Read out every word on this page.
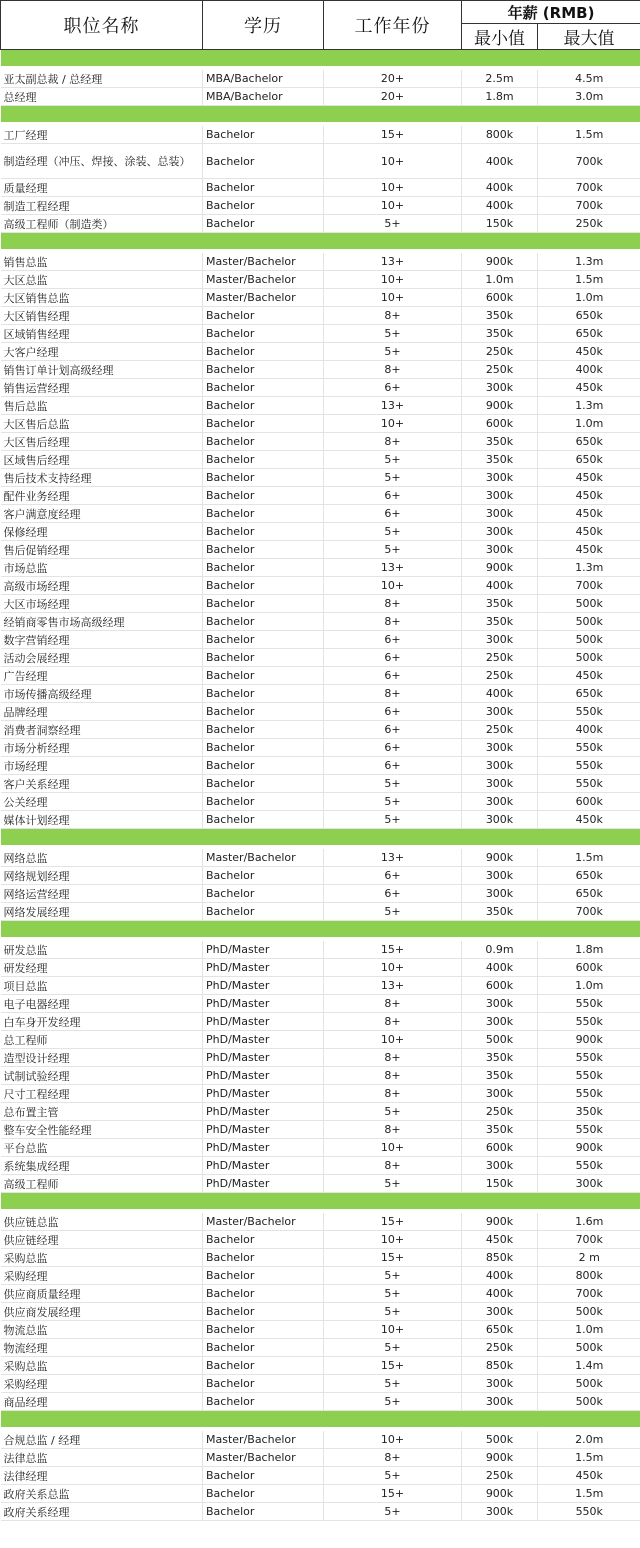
职位名称	学历	工作年份	年薪 (RMB)	
			最小值	最大值

亚太副总裁 / 总经理	MBA/Bachelor	20+	2.5m	4.5m
总经理	MBA/Bachelor	20+	1.8m	3.0m

工厂经理	Bachelor	15+	800k	1.5m
制造经理（冲压、焊接、涂装、总装）	Bachelor	10+	400k	700k
质量经理	Bachelor	10+	400k	700k
制造工程经理	Bachelor	10+	400k	700k
高级工程师（制造类）	Bachelor	5+	150k	250k

销售总监	Master/Bachelor	13+	900k	1.3m
大区总监	Master/Bachelor	10+	1.0m	1.5m
大区销售总监	Master/Bachelor	10+	600k	1.0m
大区销售经理	Bachelor	8+	350k	650k
区域销售经理	Bachelor	5+	350k	650k
大客户经理	Bachelor	5+	250k	450k
销售订单计划高级经理	Bachelor	8+	250k	400k
销售运营经理	Bachelor	6+	300k	450k
售后总监	Bachelor	13+	900k	1.3m
大区售后总监	Bachelor	10+	600k	1.0m
大区售后经理	Bachelor	8+	350k	650k
区域售后经理	Bachelor	5+	350k	650k
售后技术支持经理	Bachelor	5+	300k	450k
配件业务经理	Bachelor	6+	300k	450k
客户满意度经理	Bachelor	6+	300k	450k
保修经理	Bachelor	5+	300k	450k
售后促销经理	Bachelor	5+	300k	450k
市场总监	Bachelor	13+	900k	1.3m
高级市场经理	Bachelor	10+	400k	700k
大区市场经理	Bachelor	8+	350k	500k
经销商零售市场高级经理	Bachelor	8+	350k	500k
数字营销经理	Bachelor	6+	300k	500k
活动会展经理	Bachelor	6+	250k	500k
广告经理	Bachelor	6+	250k	450k
市场传播高级经理	Bachelor	8+	400k	650k
品牌经理	Bachelor	6+	300k	550k
消费者洞察经理	Bachelor	6+	250k	400k
市场分析经理	Bachelor	6+	300k	550k
市场经理	Bachelor	6+	300k	550k
客户关系经理	Bachelor	5+	300k	550k
公关经理	Bachelor	5+	300k	600k
媒体计划经理	Bachelor	5+	300k	450k

网络总监	Master/Bachelor	13+	900k	1.5m
网络规划经理	Bachelor	6+	300k	650k
网络运营经理	Bachelor	6+	300k	650k
网络发展经理	Bachelor	5+	350k	700k

研发总监	PhD/Master	15+	0.9m	1.8m
研发经理	PhD/Master	10+	400k	600k
项目总监	PhD/Master	13+	600k	1.0m
电子电器经理	PhD/Master	8+	300k	550k
白车身开发经理	PhD/Master	8+	300k	550k
总工程师	PhD/Master	10+	500k	900k
造型设计经理	PhD/Master	8+	350k	550k
试制试验经理	PhD/Master	8+	350k	550k
尺寸工程经理	PhD/Master	8+	300k	550k
总布置主管	PhD/Master	5+	250k	350k
整车安全性能经理	PhD/Master	8+	350k	550k
平台总监	PhD/Master	10+	600k	900k
系统集成经理	PhD/Master	8+	300k	550k
高级工程师	PhD/Master	5+	150k	300k

供应链总监	Master/Bachelor	15+	900k	1.6m
供应链经理	Bachelor	10+	450k	700k
采购总监	Bachelor	15+	850k	2 m
采购经理	Bachelor	5+	400k	800k
供应商质量经理	Bachelor	5+	400k	700k
供应商发展经理	Bachelor	5+	300k	500k
物流总监	Bachelor	10+	650k	1.0m
物流经理	Bachelor	5+	250k	500k
采购总监	Bachelor	15+	850k	1.4m
采购经理	Bachelor	5+	300k	500k
商品经理	Bachelor	5+	300k	500k

合规总监 / 经理	Master/Bachelor	10+	500k	2.0m
法律总监	Master/Bachelor	8+	900k	1.5m
法律经理	Bachelor	5+	250k	450k
政府关系总监	Bachelor	15+	900k	1.5m
政府关系经理	Bachelor	5+	300k	550k
